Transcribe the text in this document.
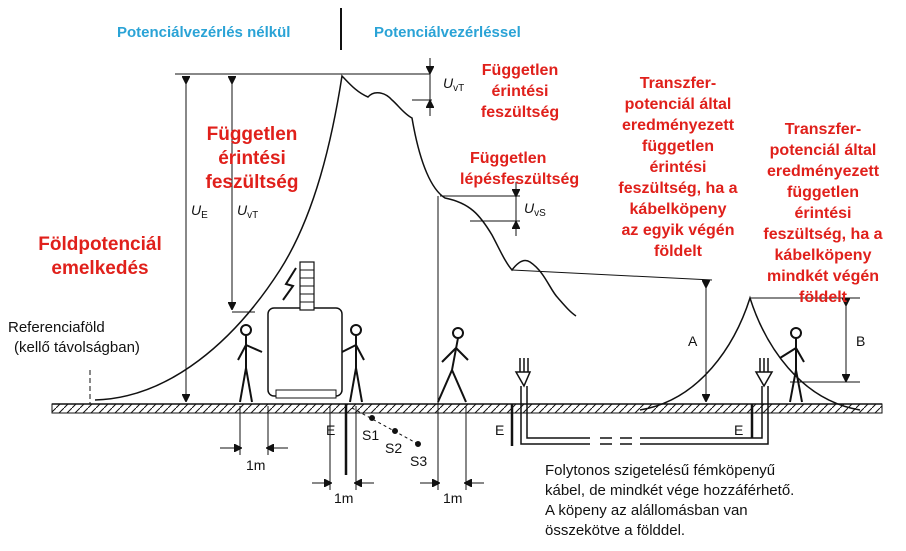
Potenciálvezérlés nélkül	Potenciálvezérléssel
$U_E$ $U_{vT}$
$U_{vT}$
$U_{vS}$
A	B
E	E	E
S1
S2
S3
1m
1m	1m
Referenciaföld
(kellő távolságban)
Független
érintési
feszültség
Földpotenciál
emelkedés
Független
érintési
feszültség
Független
lépésfeszültség
Transzfer-
potenciál által
eredményezett
független
érintési
feszültség, ha a
kábelköpeny
az egyik végén
földelt
Transzfer-
potenciál által
eredményezett
független
érintési
feszültség, ha a
kábelköpeny
mindkét végén
földelt
Folytonos szigetelésű fémköpenyű
kábel, de mindkét vége hozzáférhető.
A köpeny az alállomásban van
összekötve a földdel.
